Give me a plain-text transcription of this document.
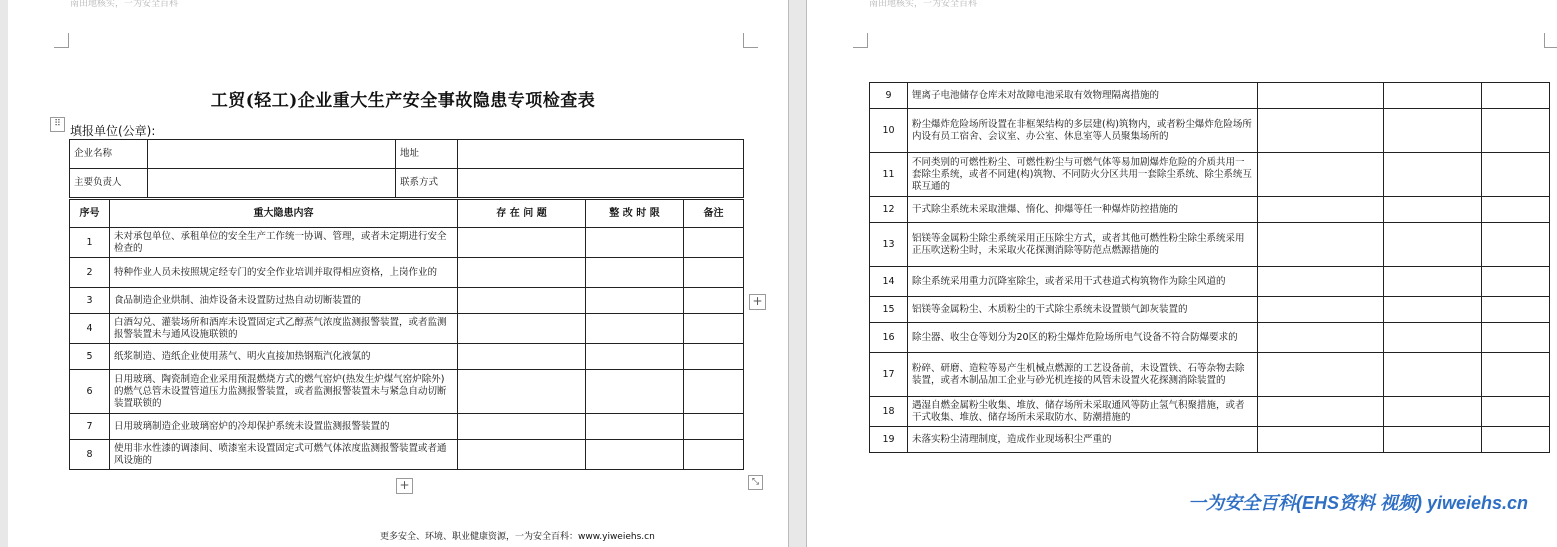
南田地核实，一为安全百科
工贸(轻工)企业重大生产安全事故隐患专项检查表
⠿ 填报单位(公章):
企业名称		地址	
主要负责人		联系方式	
序号	重大隐患内容	存 在 问 题	整 改 时 限	备注
1	未对承包单位、承租单位的安全生产工作统一协调、管理，或者未定期进行安全检查的			
2	特种作业人员未按照规定经专门的安全作业培训并取得相应资格，上岗作业的			
3	食品制造企业烘制、油炸设备未设置防过热自动切断装置的			
4	白酒勾兑、灌装场所和酒库未设置固定式乙醇蒸气浓度监测报警装置，或者监测报警装置未与通风设施联锁的			
5	纸浆制造、造纸企业使用蒸气、明火直接加热钢瓶汽化液氯的			
6	日用玻璃、陶瓷制造企业采用预混燃烧方式的燃气窑炉(热发生炉煤气窑炉除外)的燃气总管未设置管道压力监测报警装置，或者监测报警装置未与紧急自动切断装置联锁的			
7	日用玻璃制造企业玻璃窑炉的冷却保护系统未设置监测报警装置的			
8	使用非水性漆的调漆间、喷漆室未设置固定式可燃气体浓度监测报警装置或者通风设施的			
+
+	⤡
更多安全、环境、职业健康资源，一为安全百科：www.yiweiehs.cn
南田地核实，一为安全百科
9	锂离子电池储存仓库未对故障电池采取有效物理隔离措施的			
10	粉尘爆炸危险场所设置在非框架结构的多层建(构)筑物内，或者粉尘爆炸危险场所内设有员工宿舍、会议室、办公室、休息室等人员聚集场所的			
11	不同类别的可燃性粉尘、可燃性粉尘与可燃气体等易加剧爆炸危险的介质共用一套除尘系统，或者不同建(构)筑物、不同防火分区共用一套除尘系统、除尘系统互联互通的			
12	干式除尘系统未采取泄爆、惰化、抑爆等任一种爆炸防控措施的			
13	铝镁等金属粉尘除尘系统采用正压除尘方式，或者其他可燃性粉尘除尘系统采用正压吹送粉尘时，未采取火花探测消除等防范点燃源措施的			
14	除尘系统采用重力沉降室除尘，或者采用干式巷道式构筑物作为除尘风道的			
15	铝镁等金属粉尘、木质粉尘的干式除尘系统未设置锁气卸灰装置的			
16	除尘器、收尘仓等划分为20区的粉尘爆炸危险场所电气设备不符合防爆要求的			
17	粉碎、研磨、造粒等易产生机械点燃源的工艺设备前，未设置铁、石等杂物去除装置，或者木制品加工企业与砂光机连接的风管未设置火花探测消除装置的			
18	遇湿自燃金属粉尘收集、堆放、储存场所未采取通风等防止氢气积聚措施，或者干式收集、堆放、储存场所未采取防水、防潮措施的			
19	未落实粉尘清理制度，造成作业现场积尘严重的			
一为安全百科(EHS资料 视频) yiweiehs.cn
